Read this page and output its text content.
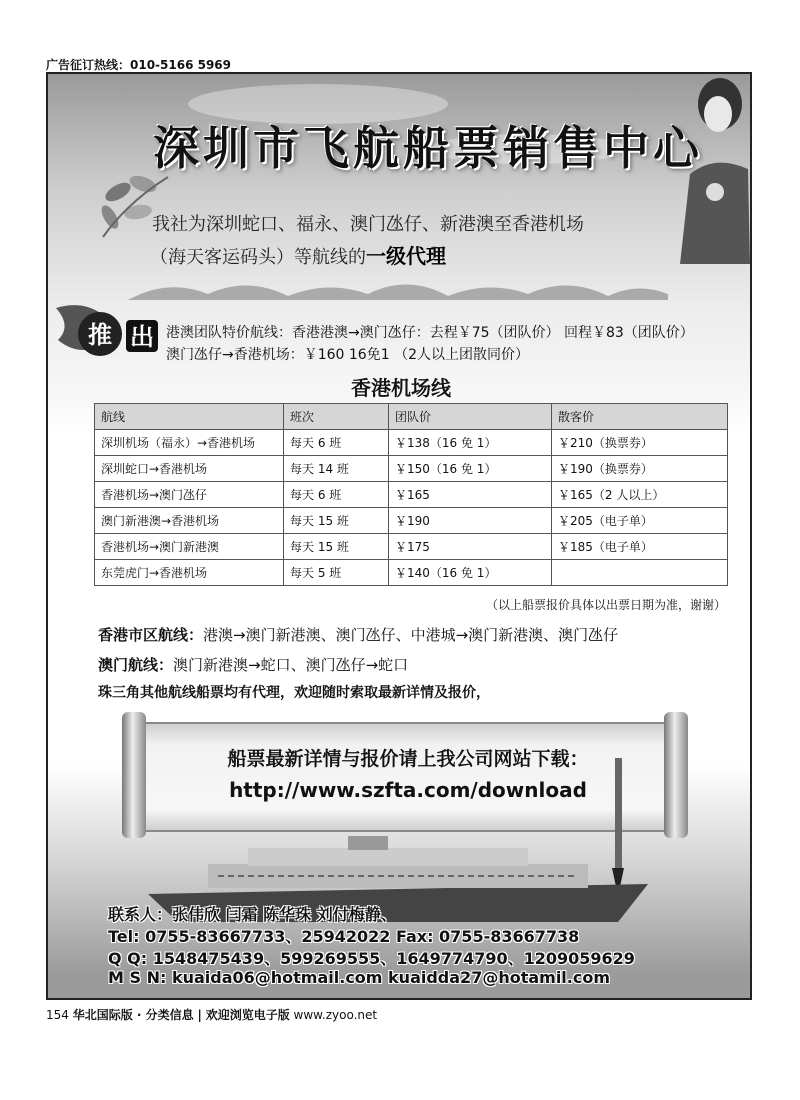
广告征订热线：010-5166 5969
深圳市飞航船票销售中心
我社为深圳蛇口、福永、澳门氹仔、新港澳至香港机场
（海天客运码头）等航线的一级代理
推 出 港澳团队特价航线：香港港澳→澳门氹仔：去程￥75（团队价） 回程￥83（团队价）
澳门氹仔→香港机场：￥160 16免1 （2人以上团散同价）
香港机场线
航线	班次	团队价	散客价
深圳机场（福永）→香港机场	每天 6 班	￥138（16 免 1）	￥210（换票券）
深圳蛇口→香港机场	每天 14 班	￥150（16 免 1）	￥190（换票券）
香港机场→澳门氹仔	每天 6 班	￥165	￥165（2 人以上）
澳门新港澳→香港机场	每天 15 班	￥190	￥205（电子单）
香港机场→澳门新港澳	每天 15 班	￥175	￥185（电子单）
东莞虎门→香港机场	每天 5 班	￥140（16 免 1）	
（以上船票报价具体以出票日期为准，谢谢）
香港市区航线：港澳→澳门新港澳、澳门氹仔、中港城→澳门新港澳、澳门氹仔
澳门航线：澳门新港澳→蛇口、澳门氹仔→蛇口
珠三角其他航线船票均有代理，欢迎随时索取最新详情及报价，
船票最新详情与报价请上我公司网站下载：
http://www.szfta.com/download
联系人：张伟欣 闫霜 陈华珠 刘付梅静、
Tel: 0755-83667733、25942022 Fax: 0755-83667738
Q Q: 1548475439、599269555、1649774790、1209059629
M S N: kuaida06@hotmail.com kuaidda27@hotamil.com
154 华北国际版 · 分类信息 | 欢迎浏览电子版 www.zyoo.net
